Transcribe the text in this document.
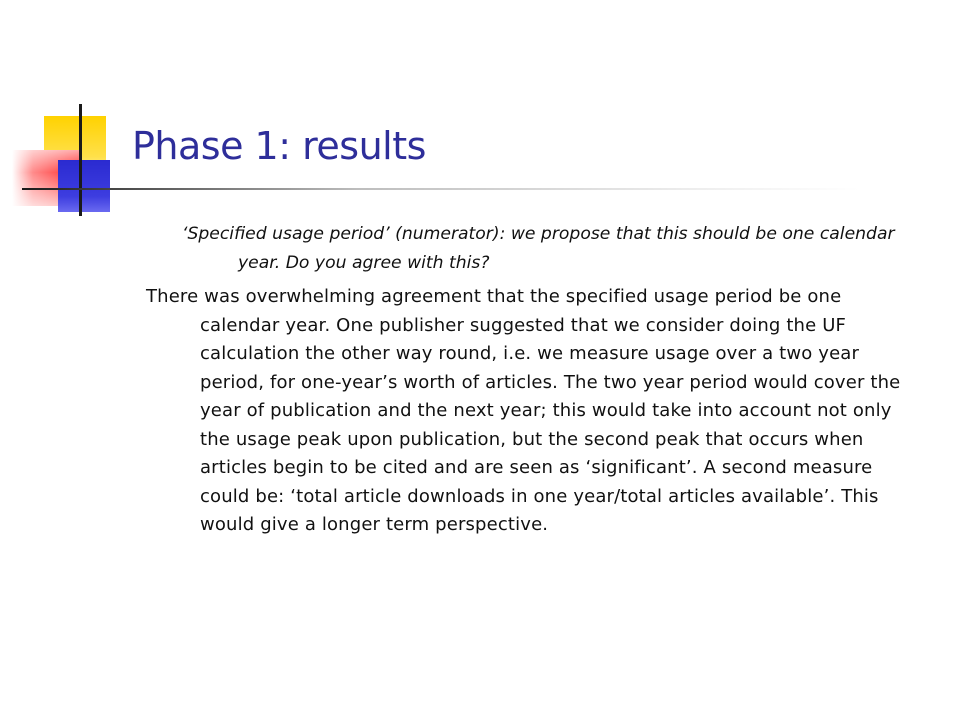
Phase 1: results

‘Specified usage period’ (numerator): we propose that this should be one calendar year. Do you agree with this?

There was overwhelming agreement that the specified usage period be one calendar year. One publisher suggested that we consider doing the UF calculation the other way round, i.e. we measure usage over a two year period, for one-year’s worth of articles. The two year period would cover the year of publication and the next year; this would take into account not only the usage peak upon publication, but the second peak that occurs when articles begin to be cited and are seen as ‘significant’. A second measure could be: ‘total article downloads in one year/total articles available’. This would give a longer term perspective.
